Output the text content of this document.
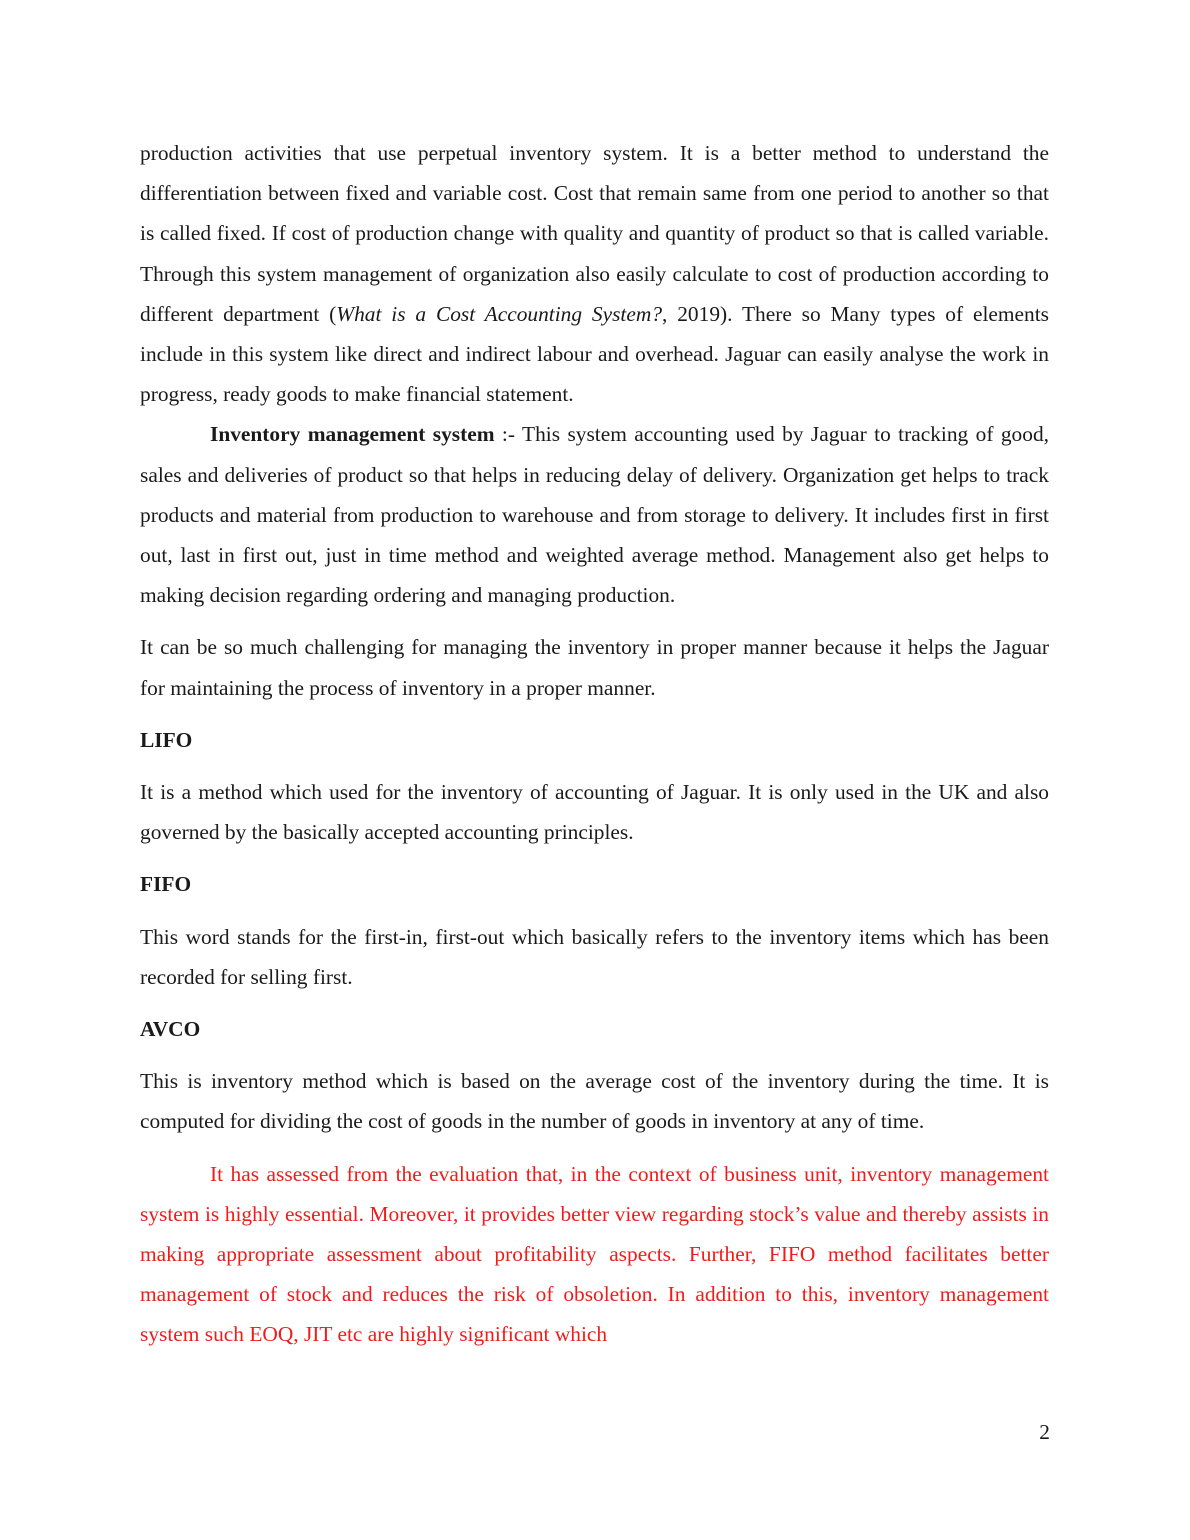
production activities that use perpetual inventory system. It is a better method to understand the differentiation between fixed and variable cost. Cost that remain same from one period to another so that is called fixed. If cost of production change with quality and quantity of product so that is called variable. Through this system management of organization also easily calculate to cost of production according to different department (What is a Cost Accounting System?, 2019). There so Many types of elements include in this system like direct and indirect labour and overhead. Jaguar can easily analyse the work in progress, ready goods to make financial statement.

Inventory management system :- This system accounting used by Jaguar to tracking of good, sales and deliveries of product so that helps in reducing delay of delivery. Organization get helps to track products and material from production to warehouse and from storage to delivery. It includes first in first out, last in first out, just in time method and weighted average method. Management also get helps to making decision regarding ordering and managing production.

It can be so much challenging for managing the inventory in proper manner because it helps the Jaguar for maintaining the process of inventory in a proper manner.

LIFO

It is a method which used for the inventory of accounting of Jaguar. It is only used in the UK and also governed by the basically accepted accounting principles.

FIFO

This word stands for the first-in, first-out which basically refers to the inventory items which has been recorded for selling first.

AVCO

This is inventory method which is based on the average cost of the inventory during the time. It is computed for dividing the cost of goods in the number of goods in inventory at any of time.

It has assessed from the evaluation that, in the context of business unit, inventory management system is highly essential. Moreover, it provides better view regarding stock’s value and thereby assists in making appropriate assessment about profitability aspects. Further, FIFO method facilitates better management of stock and reduces the risk of obsoletion. In addition to this, inventory management system such EOQ, JIT etc are highly significant which

2
